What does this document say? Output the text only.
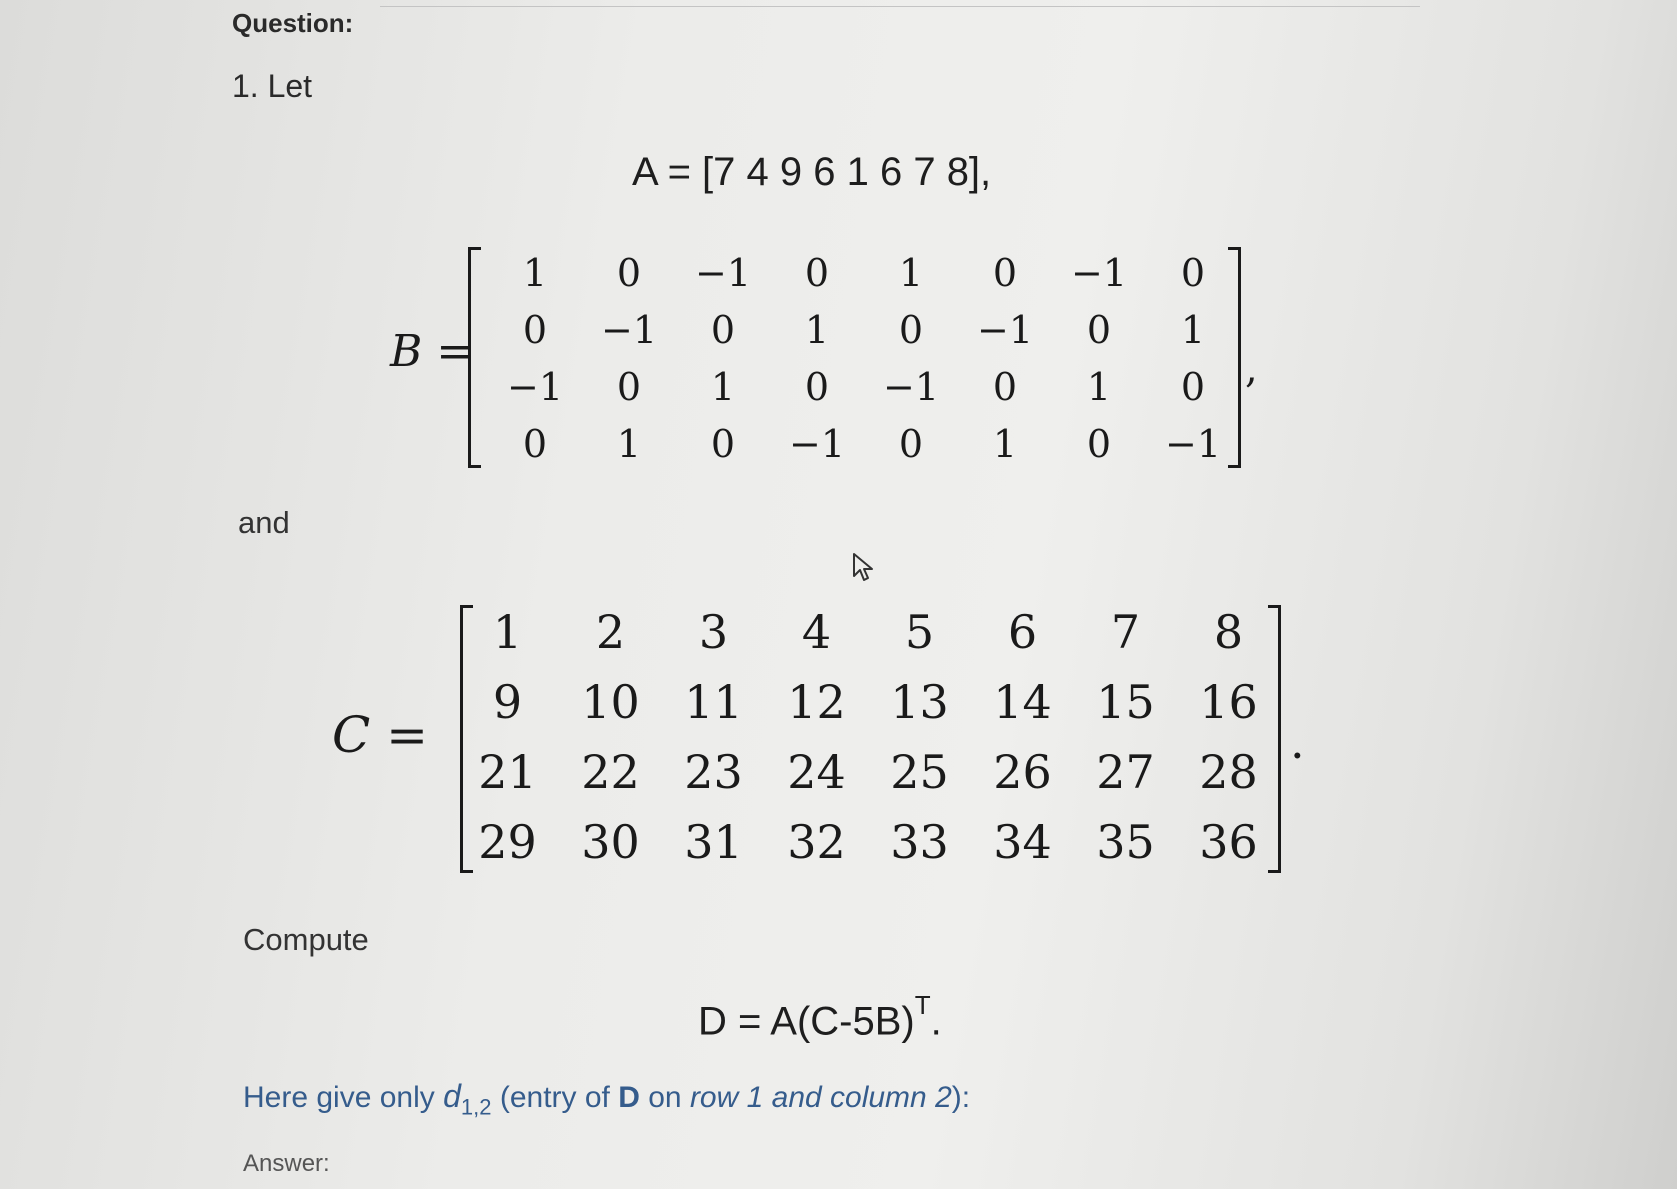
Question:
1. Let
A = [7 4 9 6 1 6 7 8],
B =
1	0	−1	0	1	0	−1	0
0	−1	0	1	0	−1	0	1
−1	0	1	0	−1	0	1	0
0	1	0	−1	0	1	0	−1
,
and
C =
1	2	3	4	5	6	7	8
9	10 11 12 13 14 15 16
21 22 23 24 25 26 27 28
29 30 31 32 33 34 35 36
.
Compute
$D = A(C-5B)^T$.
Here give only $d_{1,2}$ (entry of D on row 1 and column 2):
Answer:
